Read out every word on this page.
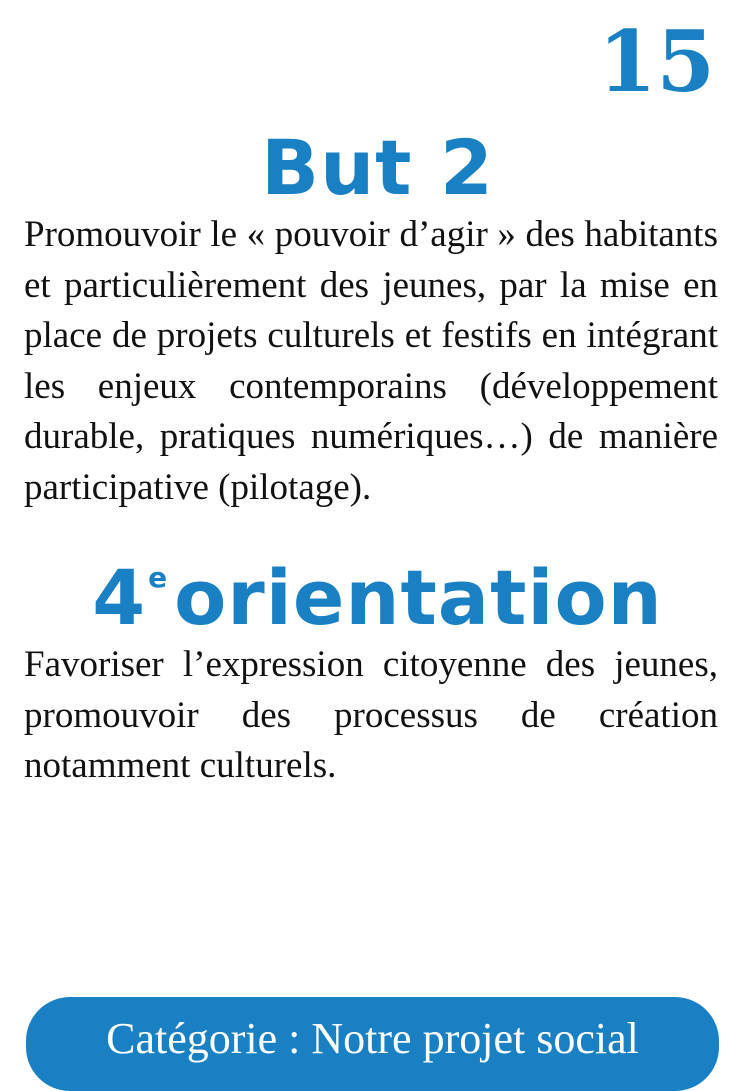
15
But 2
Promouvoir le « pouvoir d’agir » des habitants et particulièrement des jeunes, par la mise en place de projets culturels et festifs en intégrant les enjeux contemporains (développement durable, pratiques numériques…) de manière participative (pilotage).
4eorientation
Favoriser l’expression citoyenne des jeunes, promouvoir des processus de création notamment culturels.
Catégorie : Notre projet social
